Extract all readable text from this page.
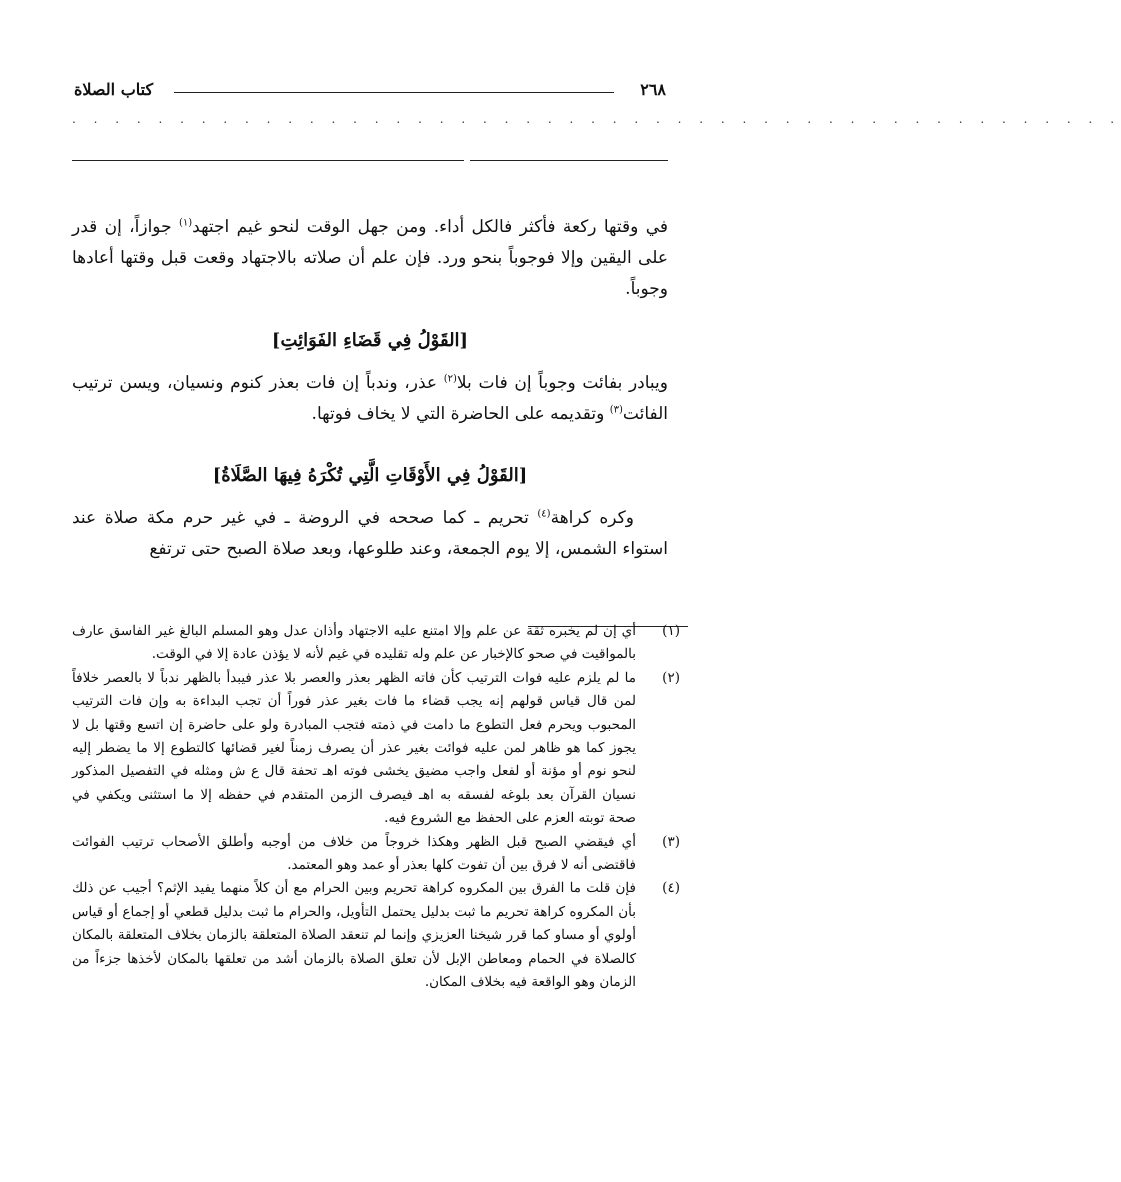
٢٦٨
كتاب الصلاة
. . . . . . . . . . . . . . . . . . . . . . . . . . . . . . . . . . . . . . . . . . . . . . . . .

في وقتها ركعة فأكثر فالكل أداء. ومن جهل الوقت لنحو غيم اجتهد$^{(١)}$ جوازاً، إن قدر على اليقين وإلا فوجوباً بنحو ورد. فإن علم أن صلاته بالاجتهاد وقعت قبل وقتها أعادها وجوباً.

[القَوْلُ فِي قَضَاءِ الفَوَائِتِ]

ويبادر بفائت وجوباً إن فات بلا$^{(٢)}$ عذر، وندباً إن فات بعذر كنوم ونسيان، ويسن ترتيب الفائت$^{(٣)}$ وتقديمه على الحاضرة التي لا يخاف فوتها.

[القَوْلُ فِي الأَوْقَاتِ الَّتِي تُكْرَهُ فِيهَا الصَّلَاةُ]

وكره كراهة$^{(٤)}$ تحريم ـ كما صححه في الروضة ـ في غير حرم مكة صلاة عند استواء الشمس، إلا يوم الجمعة، وعند طلوعها، وبعد صلاة الصبح حتى ترتفع

(١)
أي إن لم يخبره ثقة عن علم وإلا امتنع عليه الاجتهاد وأذان عدل وهو المسلم البالغ غير الفاسق عارف بالمواقيت في صحو كالإخبار عن علم وله تقليده في غيم لأنه لا يؤذن عادة إلا في الوقت.
(٢)
ما لم يلزم عليه فوات الترتيب كأن فاته الظهر بعذر والعصر بلا عذر فيبدأ بالظهر ندباً لا بالعصر خلافاً لمن قال قياس قولهم إنه يجب قضاء ما فات بغير عذر فوراً أن تجب البداءة به وإن فات الترتيب المحبوب ويحرم فعل التطوع ما دامت في ذمته فتجب المبادرة ولو على حاضرة إن اتسع وقتها بل لا يجوز كما هو ظاهر لمن عليه فوائت بغير عذر أن يصرف زمناً لغير قضائها كالتطوع إلا ما يضطر إليه لنحو نوم أو مؤنة أو لفعل واجب مضيق يخشى فوته اهـ تحفة قال ع ش ومثله في التفصيل المذكور نسيان القرآن بعد بلوغه لفسقه به اهـ فيصرف الزمن المتقدم في حفظه إلا ما استثنى ويكفي في صحة توبته العزم على الحفظ مع الشروع فيه.
(٣)
أي فيقضي الصبح قبل الظهر وهكذا خروجاً من خلاف من أوجبه وأطلق الأصحاب ترتيب الفوائت فاقتضى أنه لا فرق بين أن تفوت كلها بعذر أو عمد وهو المعتمد.
(٤)
فإن قلت ما الفرق بين المكروه كراهة تحريم وبين الحرام مع أن كلاً منهما يفيد الإثم؟ أجيب عن ذلك بأن المكروه كراهة تحريم ما ثبت بدليل يحتمل التأويل، والحرام ما ثبت بدليل قطعي أو إجماع أو قياس أولوي أو مساو كما قرر شيخنا العزيزي وإنما لم تنعقد الصلاة المتعلقة بالزمان بخلاف المتعلقة بالمكان كالصلاة في الحمام ومعاطن الإبل لأن تعلق الصلاة بالزمان أشد من تعلقها بالمكان لأخذها جزءاً من الزمان وهو الواقعة فيه بخلاف المكان.
